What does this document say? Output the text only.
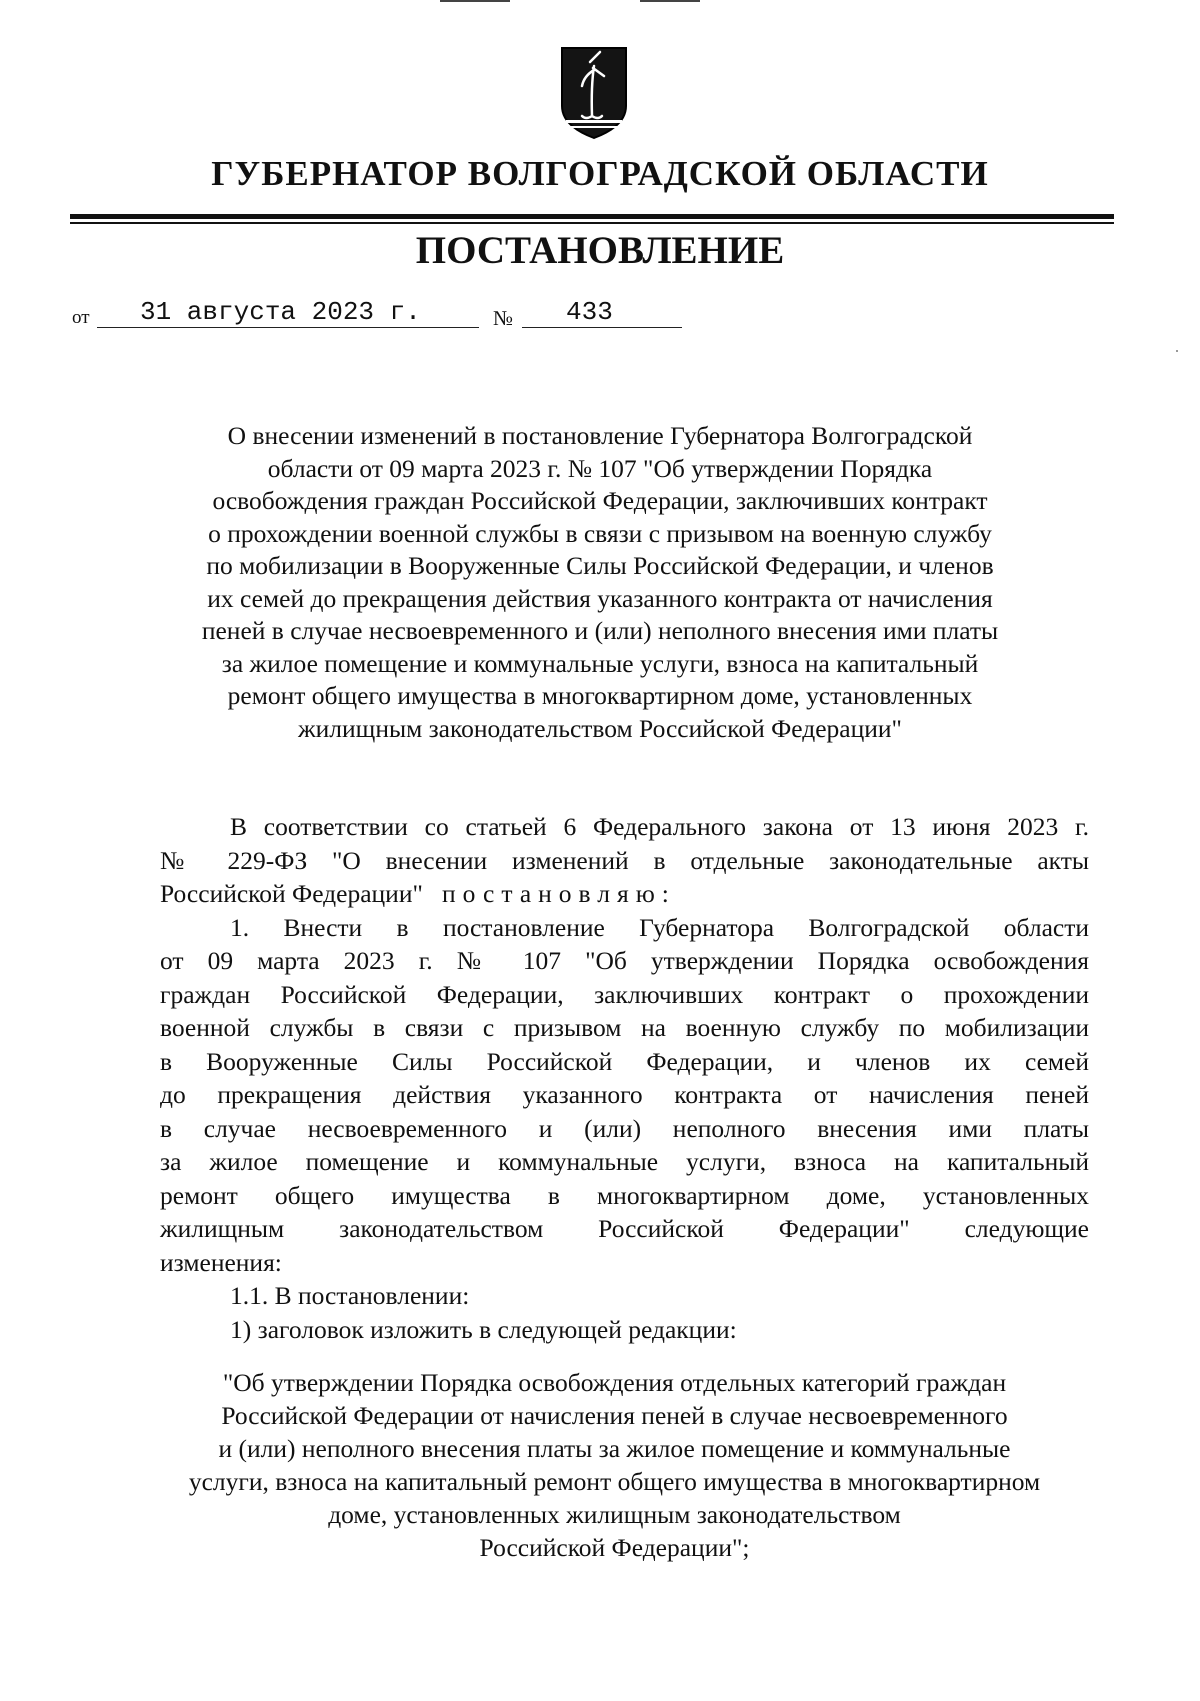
ГУБЕРНАТОР ВОЛГОГРАДСКОЙ ОБЛАСТИ
ПОСТАНОВЛЕНИЕ
от 31 августа 2023 г.	№ 433
О внесении изменений в постановление Губернатора Волгоградской
области от 09 марта 2023 г. № 107 "Об утверждении Порядка
освобождения граждан Российской Федерации, заключивших контракт
о прохождении военной службы в связи с призывом на военную службу
по мобилизации в Вооруженные Силы Российской Федерации, и членов
их семей до прекращения действия указанного контракта от начисления
пеней в случае несвоевременного и (или) неполного внесения ими платы
за жилое помещение и коммунальные услуги, взноса на капитальный
ремонт общего имущества в многоквартирном доме, установленных
жилищным законодательством Российской Федерации"
В соответствии со статьей 6 Федерального закона от 13 июня 2023 г.
№ 229-ФЗ "О внесении изменений в отдельные законодательные акты
Российской Федерации" постановляю:
1. Внести в постановление Губернатора Волгоградской области
от 09 марта 2023 г. № 107 "Об утверждении Порядка освобождения
граждан Российской Федерации, заключивших контракт о прохождении
военной службы в связи с призывом на военную службу по мобилизации
в Вооруженные Силы Российской Федерации, и членов их семей
до прекращения действия указанного контракта от начисления пеней
в случае несвоевременного и (или) неполного внесения ими платы
за жилое помещение и коммунальные услуги, взноса на капитальный
ремонт общего имущества в многоквартирном доме, установленных
жилищным законодательством Российской Федерации" следующие
изменения:
1.1. В постановлении:
1) заголовок изложить в следующей редакции:
"Об утверждении Порядка освобождения отдельных категорий граждан
Российской Федерации от начисления пеней в случае несвоевременного
и (или) неполного внесения платы за жилое помещение и коммунальные
услуги, взноса на капитальный ремонт общего имущества в многоквартирном
доме, установленных жилищным законодательством
Российской Федерации";
